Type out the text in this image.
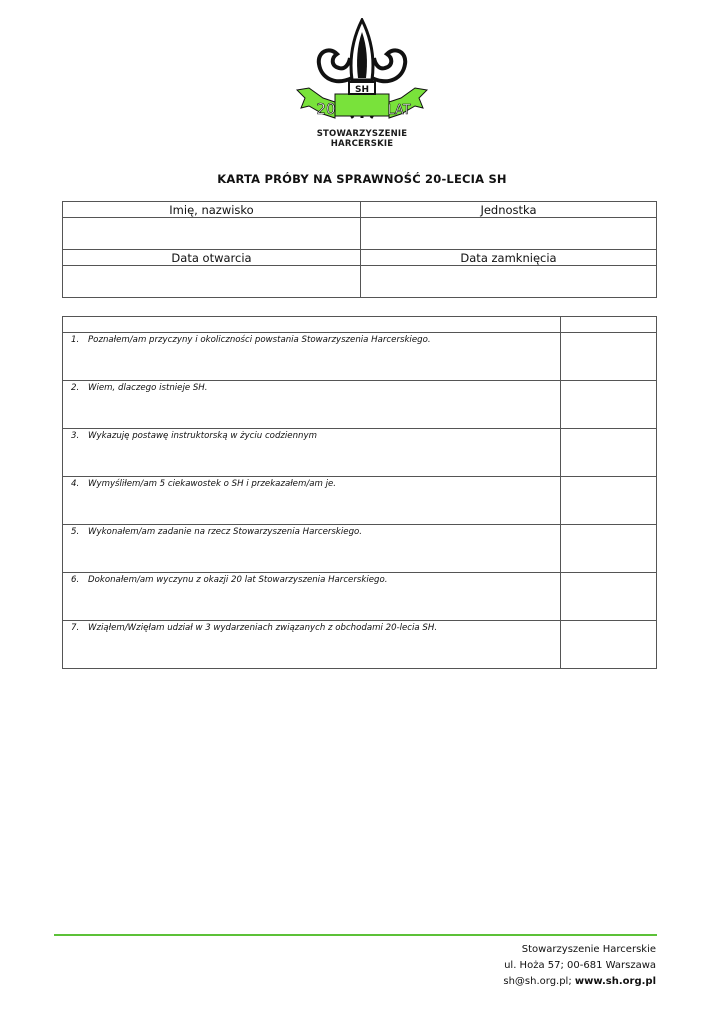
SH
20	LAT
STOWARZYSZENIE
HARCERSKIE
KARTA PRÓBY NA SPRAWNOŚĆ 20-LECIA SH
Imię, nazwisko	Jednostka

Data otwarcia	Data zamknięcia

1. Poznałem/am przyczyny i okoliczności powstania Stowarzyszenia Harcerskiego.	
2. Wiem, dlaczego istnieje SH.	
3. Wykazuję postawę instruktorską w życiu codziennym	
4. Wymyśliłem/am 5 ciekawostek o SH i przekazałem/am je.	
5. Wykonałem/am zadanie na rzecz Stowarzyszenia Harcerskiego.	
6. Dokonałem/am wyczynu z okazji 20 lat Stowarzyszenia Harcerskiego.	
7. Wziąłem/Wzięłam udział w 3 wydarzeniach związanych z obchodami 20-lecia SH.	
Stowarzyszenie Harcerskie
ul. Hoża 57; 00-681 Warszawa
sh@sh.org.pl; www.sh.org.pl
